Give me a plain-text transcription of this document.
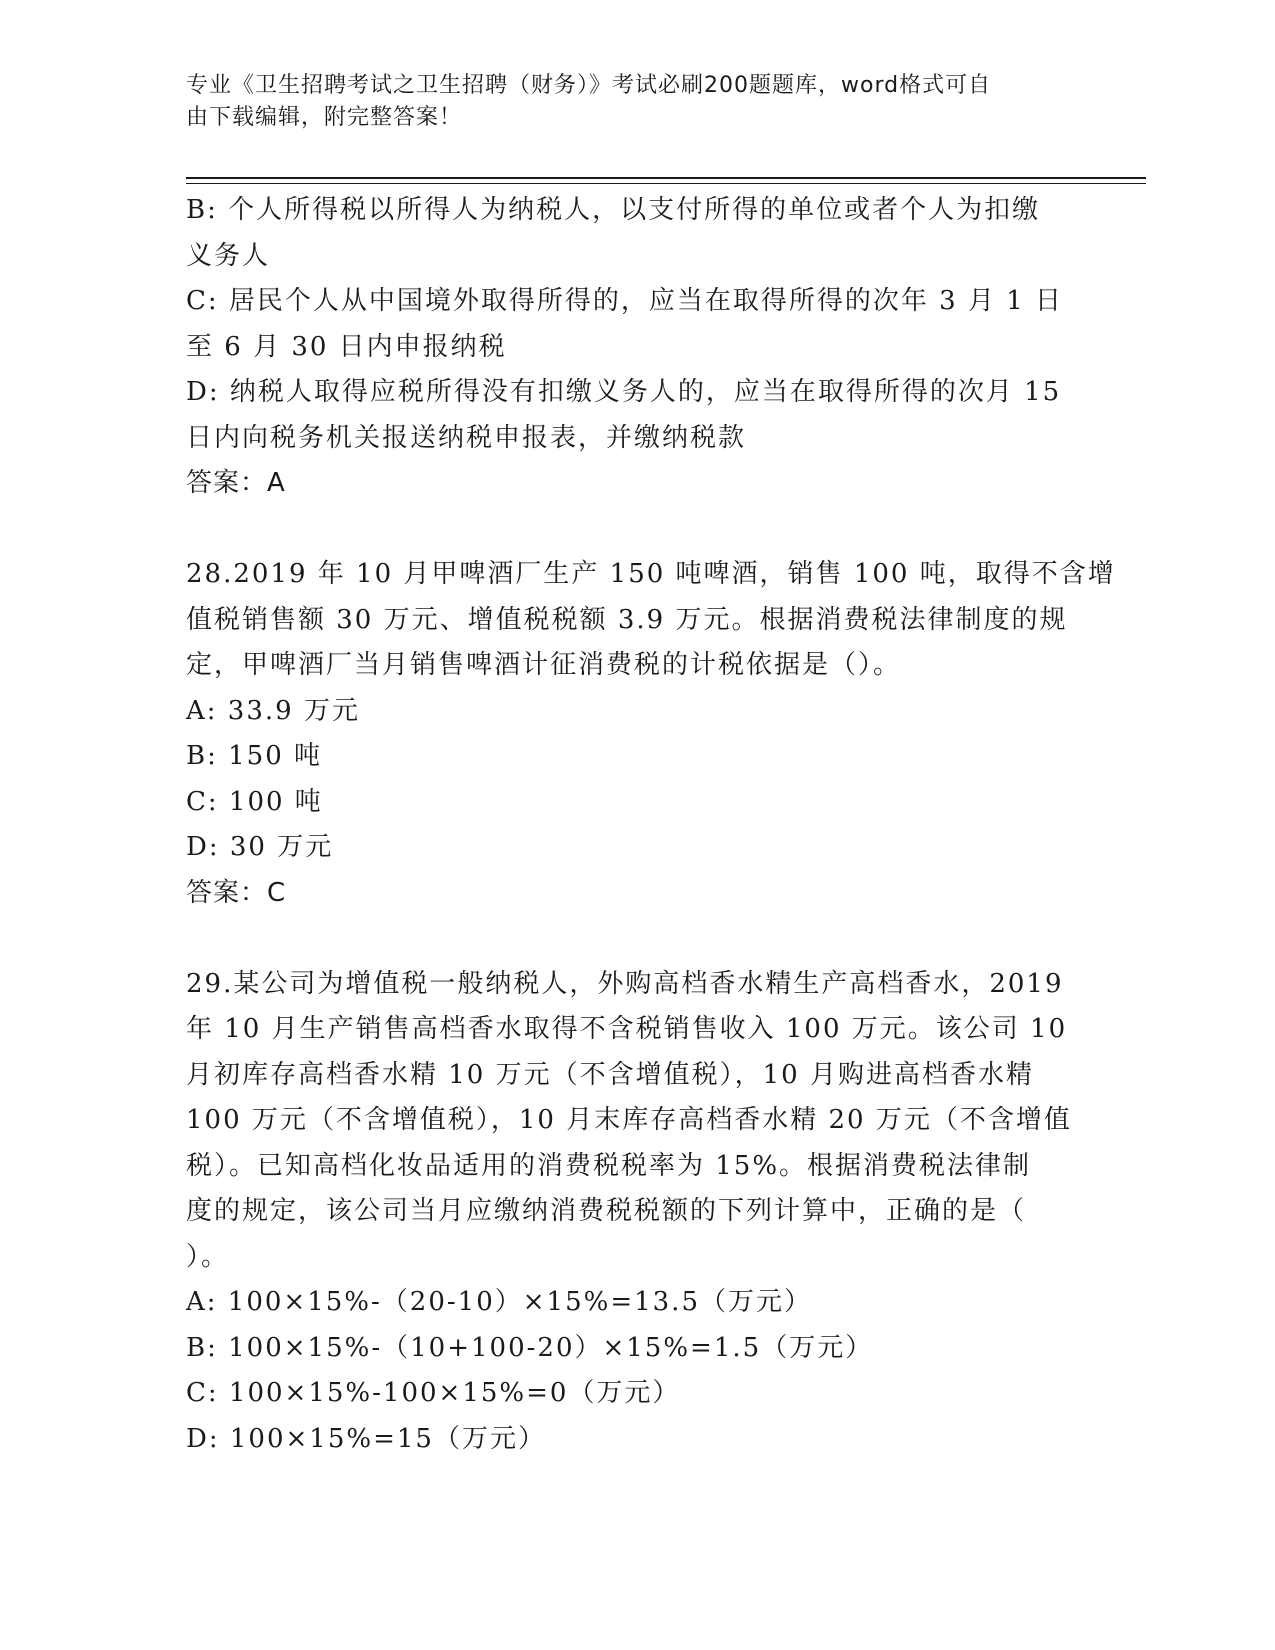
专业《卫生招聘考试之卫生招聘（财务）》考试必刷200题题库，word格式可自
由下载编辑，附完整答案！
B: 个人所得税以所得人为纳税人，以支付所得的单位或者个人为扣缴
义务人
C: 居民个人从中国境外取得所得的，应当在取得所得的次年 3 月 1 日
至 6 月 30 日内申报纳税
D: 纳税人取得应税所得没有扣缴义务人的，应当在取得所得的次月 15
日内向税务机关报送纳税申报表，并缴纳税款
答案：A
28.2019 年 10 月甲啤酒厂生产 150 吨啤酒，销售 100 吨，取得不含增
值税销售额 30 万元、增值税税额 3.9 万元。根据消费税法律制度的规
定，甲啤酒厂当月销售啤酒计征消费税的计税依据是（）。
A: 33.9 万元
B: 150 吨
C: 100 吨
D: 30 万元
答案：C
29.某公司为增值税一般纳税人，外购高档香水精生产高档香水，2019
年 10 月生产销售高档香水取得不含税销售收入 100 万元。该公司 10
月初库存高档香水精 10 万元（不含增值税），10 月购进高档香水精
100 万元（不含增值税），10 月末库存高档香水精 20 万元（不含增值
税）。已知高档化妆品适用的消费税税率为 15%。根据消费税法律制
度的规定，该公司当月应缴纳消费税税额的下列计算中，正确的是（
）。
A: 100×15%-（20-10）×15%=13.5（万元）
B: 100×15%-（10+100-20）×15%=1.5（万元）
C: 100×15%-100×15%=0（万元）
D: 100×15%=15（万元）
